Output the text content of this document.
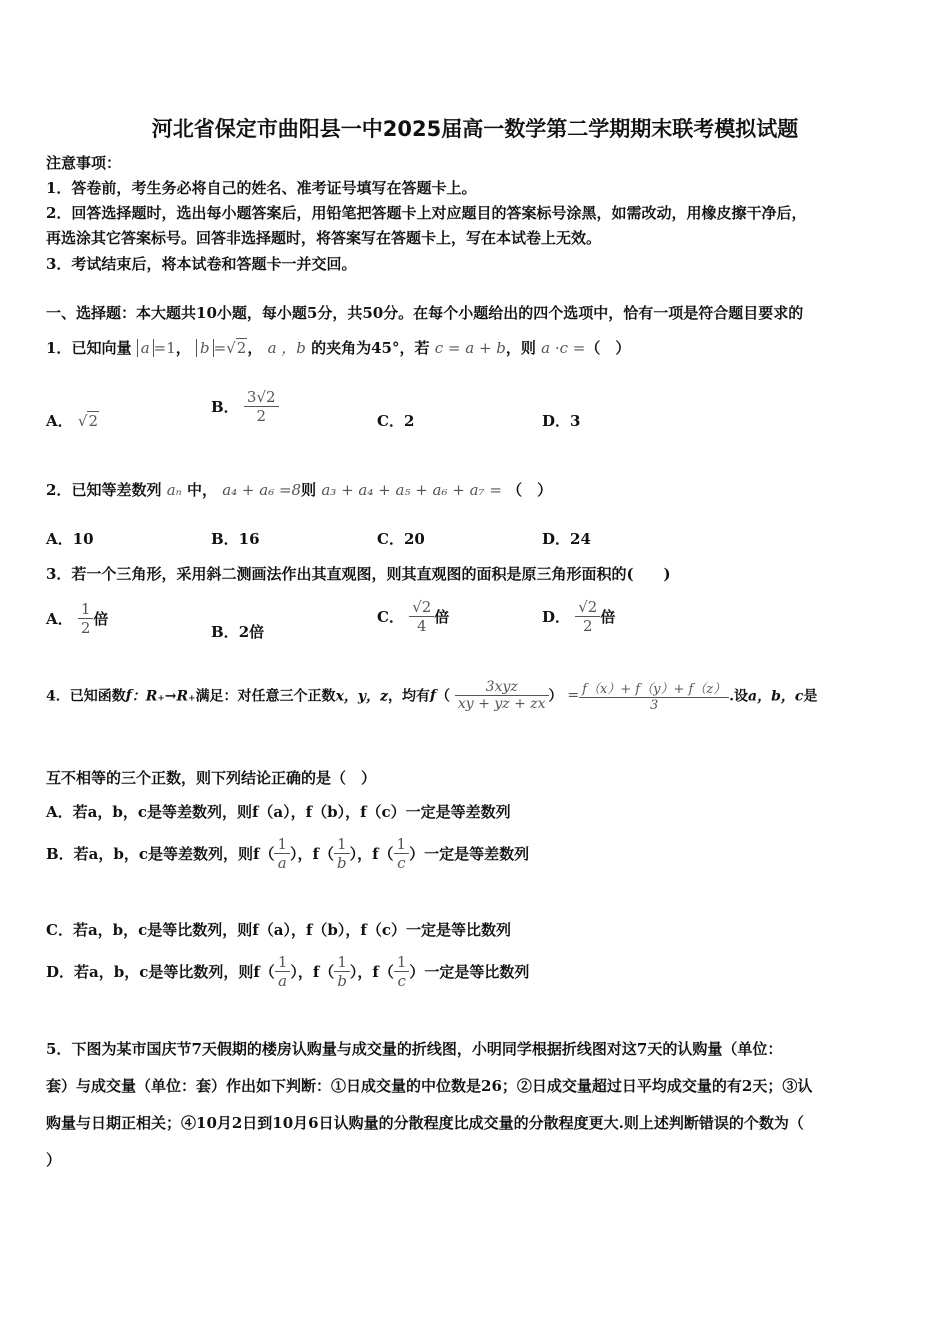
河北省保定市曲阳县一中2025届高一数学第二学期期末联考模拟试题
注意事项：
1．答卷前，考生务必将自己的姓名、准考证号填写在答题卡上。
2．回答选择题时，选出每小题答案后，用铅笔把答题卡上对应题目的答案标号涂黑，如需改动，用橡皮擦干净后，
再选涂其它答案标号。回答非选择题时，将答案写在答题卡上，写在本试卷上无效。
3．考试结束后，将本试卷和答题卡一并交回。
一、选择题：本大题共10小题，每小题5分，共50分。在每个小题给出的四个选项中，恰有一项是符合题目要求的
1．已知向量 a =1， b =√2， a ，b 的夹角为45°，若 c = a + b，则 a ·c =（　）
A． √2
B． $\frac{3√2}{2}$	C．2	D．3
2．已知等差数列 aₙ 中， a₄ + a₆ =8则 a₃ + a₄ + a₅ + a₆ + a₇ = （　）
A．10	B．16	C．20	D．24
3．若一个三角形，采用斜二测画法作出其直观图，则其直观图的面积是原三角形面积的(　　)
A． $\frac{1}{2}$ 倍
B．2倍
C． $\frac{√2}{4}$ 倍	D． $\frac{√2}{2}$ 倍
4．已知函数f：R₊→R₊满足：对任意三个正数x，y，z，均有$f( \frac{\text{3xyz}}{xy + yz + zx}$ ） = $\frac{f(x)+ f(y)+ f(z)}{3}$ .设a，b，c是
互不相等的三个正数，则下列结论正确的是（　）
A．若a，b，c是等差数列，则f（a），f（b），f（c）一定是等差数列
B．若a，b，c是等差数列，则$f( \frac{1}{a}$ ），$f( \frac{1}{b}$ ），$f( \frac{1}{c}$ ）一定是等差数列
C．若a，b，c是等比数列，则f（a），f（b），f（c）一定是等比数列
D．若a，b，c是等比数列，则$f( \frac{1}{a}$ ），$f( \frac{1}{b}$ ），$f( \frac{1}{c}$ ）一定是等比数列
5．下图为某市国庆节7天假期的楼房认购量与成交量的折线图，小明同学根据折线图对这7天的认购量（单位：
套）与成交量（单位：套）作出如下判断：①日成交量的中位数是26；②日成交量超过日平均成交量的有2天；③认
购量与日期正相关；④10月2日到10月6日认购量的分散程度比成交量的分散程度更大.则上述判断错误的个数为（
）
